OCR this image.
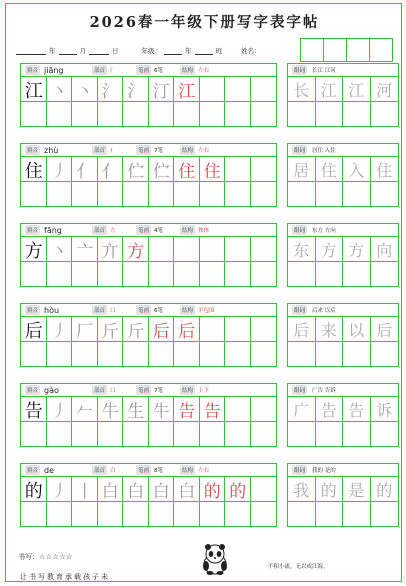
2026春一年级下册写字表字帖
年	月	日	年级：	年	班	姓名：
拼音 jiāng	部首 氵	笔画 6笔	结构 左右
江 丶 丶 氵 氵 汀 江
组词	长江 江河
长 江 江 河
拼音 zhù	部首 亻	笔画 7笔	结构 左右
住 丿 亻 亻 伫 伫 住 住
组词	居住 入住
居 住 入 住
拼音 fāng	部首 方	笔画 4笔	结构 独体
方 丶 亠 亣 方
组词	东方 方向
东 方 方 向
拼音 hòu	部首 口	笔画 6笔	结构 半包围
后 丿 厂 斤 斤 后 后
组词	后来 以后
后 来 以 后
拼音 gào	部首 口	笔画 7笔	结构 上下
告 丿 𠂉 牛 生 牛 告 告
组词	广告 告诉
广 告 告 诉
拼音 de	部首 白	笔画 8笔	结构 左右
的 丿 丨 白 白 白 白 的 的
组词	我的 是的
我 的 是 的
书写：☆☆☆☆☆
让书写教育承载孩子未
不积小流，无以成江海。
